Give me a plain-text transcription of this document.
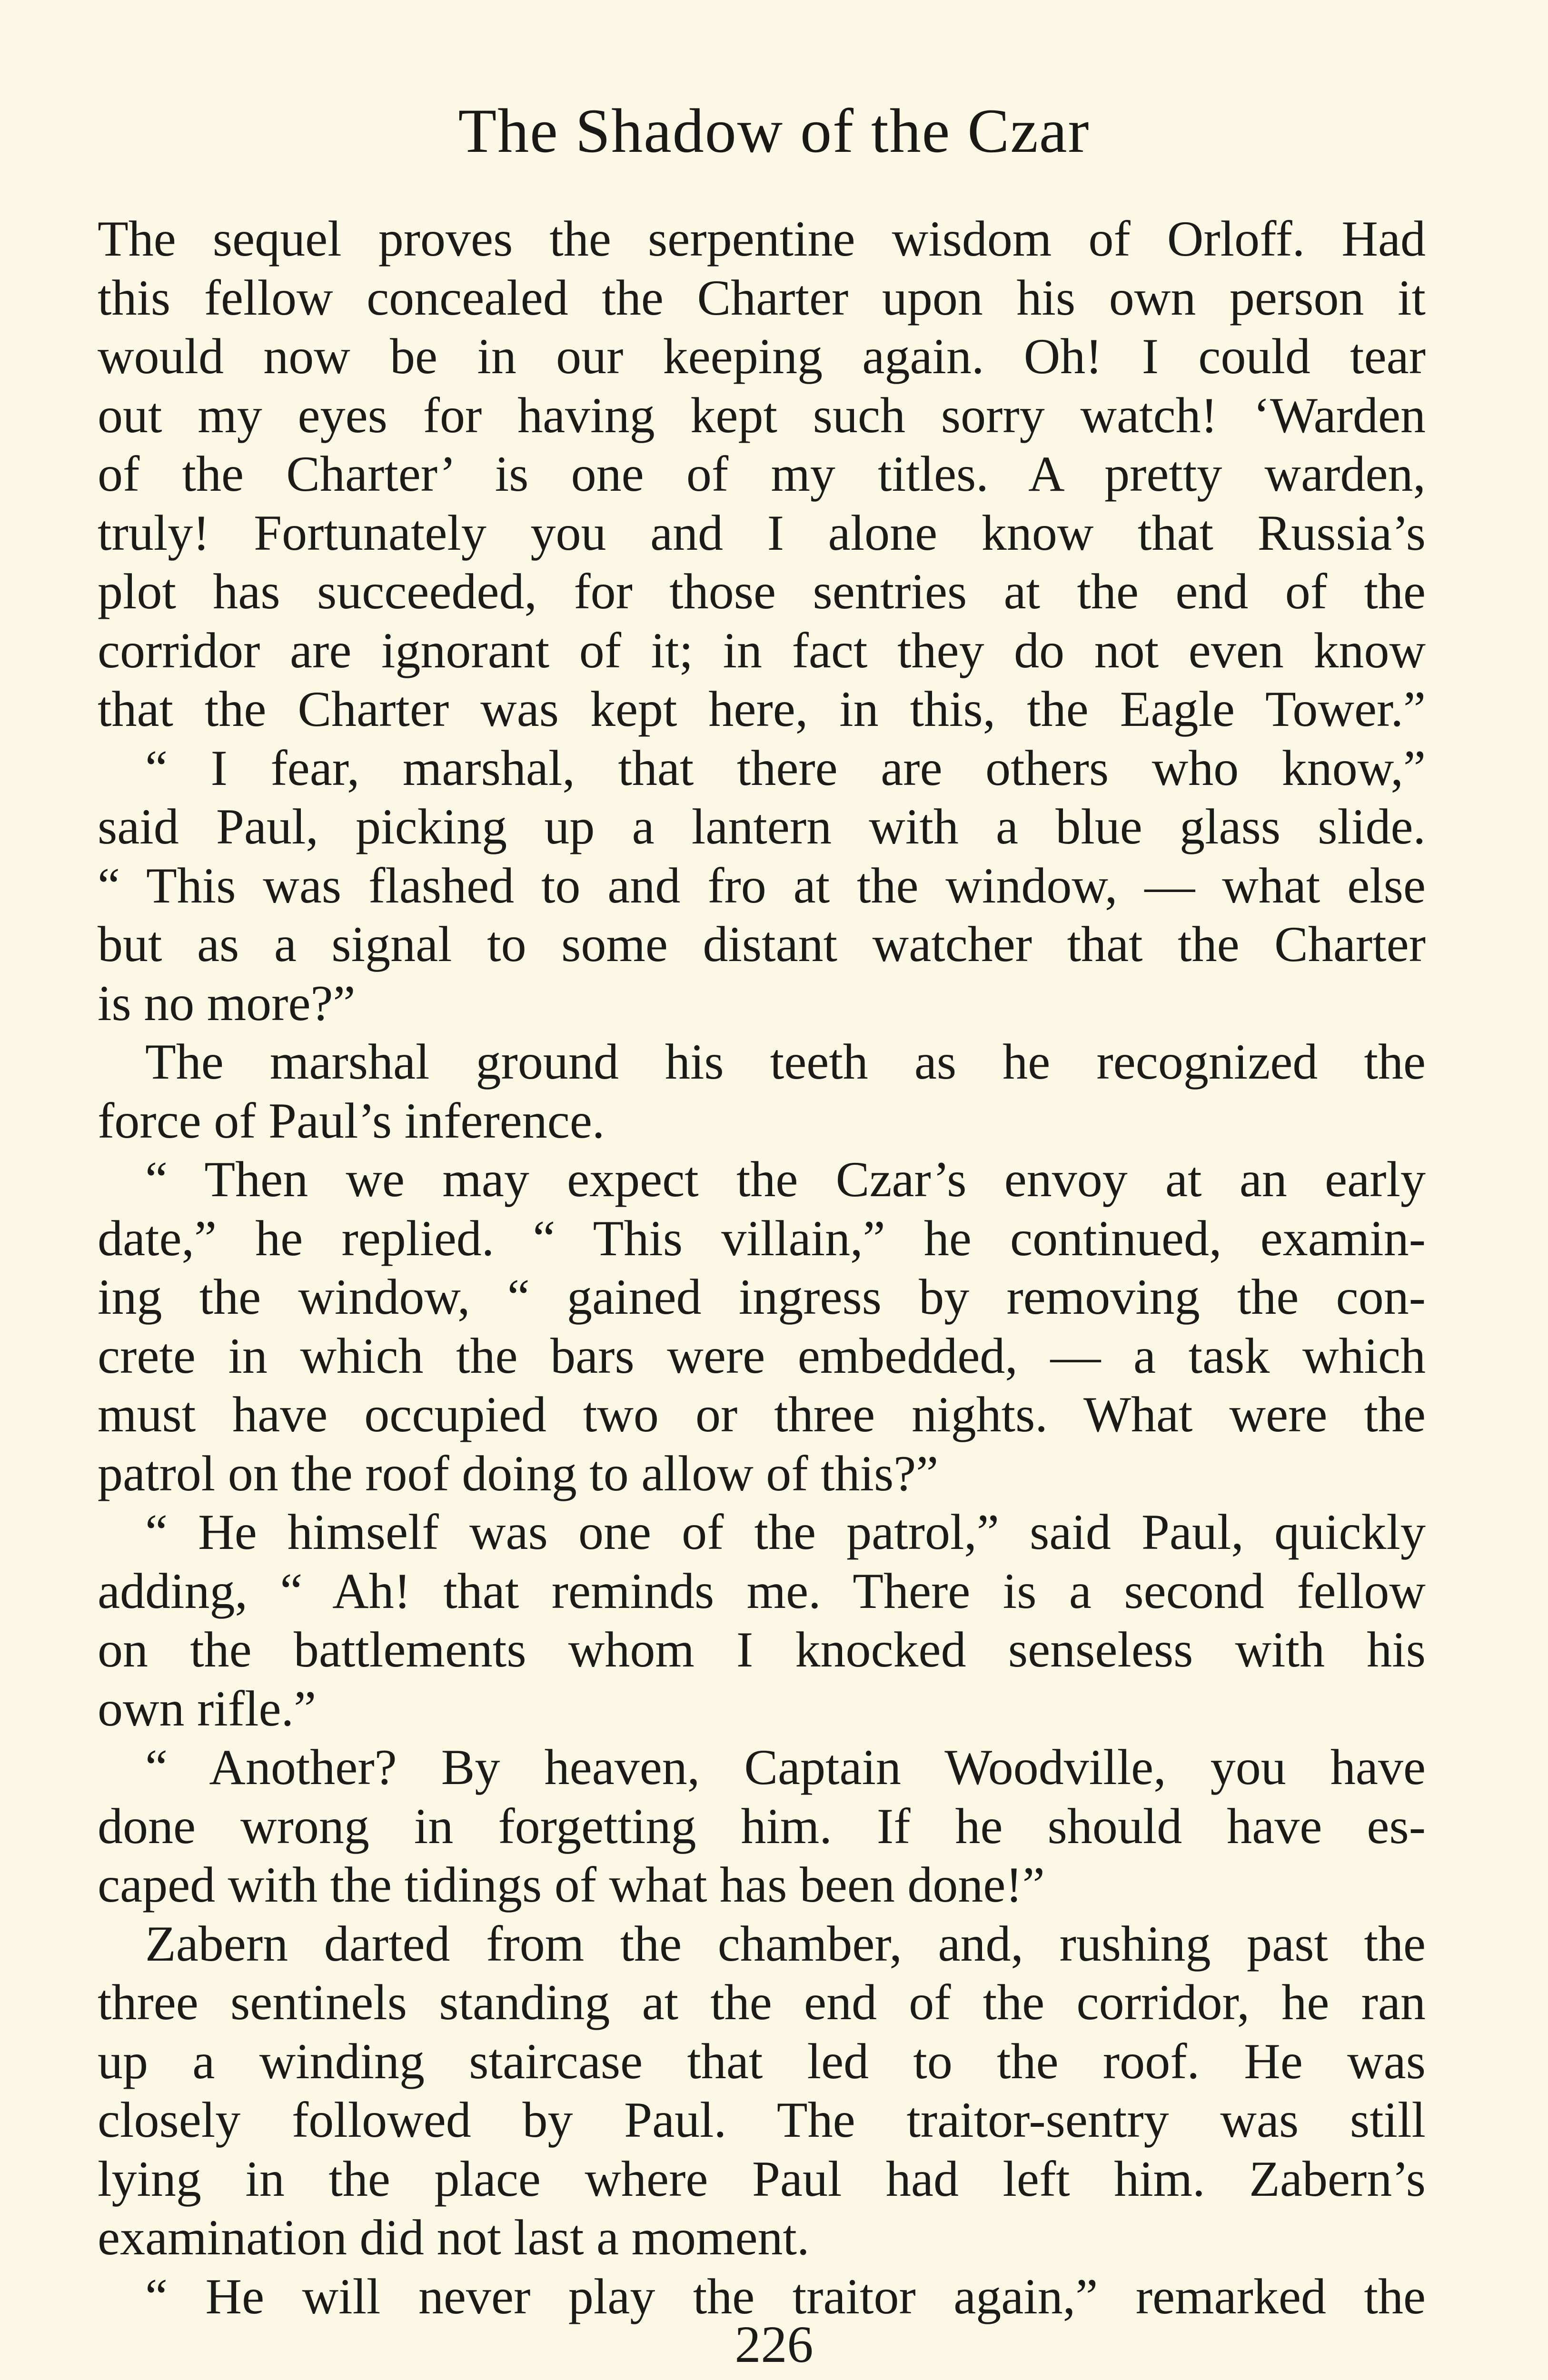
The Shadow of the Czar
The sequel proves the serpentine wisdom of Orloff. Had
this fellow concealed the Charter upon his own person it
would now be in our keeping again. Oh! I could tear
out my eyes for having kept such sorry watch! ‘Warden
of the Charter’ is one of my titles. A pretty warden,
truly! Fortunately you and I alone know that Russia’s
plot has succeeded, for those sentries at the end of the
corridor are ignorant of it; in fact they do not even know
that the Charter was kept here, in this, the Eagle Tower.”
“ I fear, marshal, that there are others who know,”
said Paul, picking up a lantern with a blue glass slide.
“ This was flashed to and fro at the window, — what else
but as a signal to some distant watcher that the Charter
is no more?”
The marshal ground his teeth as he recognized the
force of Paul’s inference.
“ Then we may expect the Czar’s envoy at an early
date,” he replied. “ This villain,” he continued, examin-
ing the window, “ gained ingress by removing the con-
crete in which the bars were embedded, — a task which
must have occupied two or three nights. What were the
patrol on the roof doing to allow of this?”
“ He himself was one of the patrol,” said Paul, quickly
adding, “ Ah! that reminds me. There is a second fellow
on the battlements whom I knocked senseless with his
own rifle.”
“ Another? By heaven, Captain Woodville, you have
done wrong in forgetting him. If he should have es-
caped with the tidings of what has been done!”
Zabern darted from the chamber, and, rushing past the
three sentinels standing at the end of the corridor, he ran
up a winding staircase that led to the roof. He was
closely followed by Paul. The traitor-sentry was still
lying in the place where Paul had left him. Zabern’s
examination did not last a moment.
“ He will never play the traitor again,” remarked the
226
